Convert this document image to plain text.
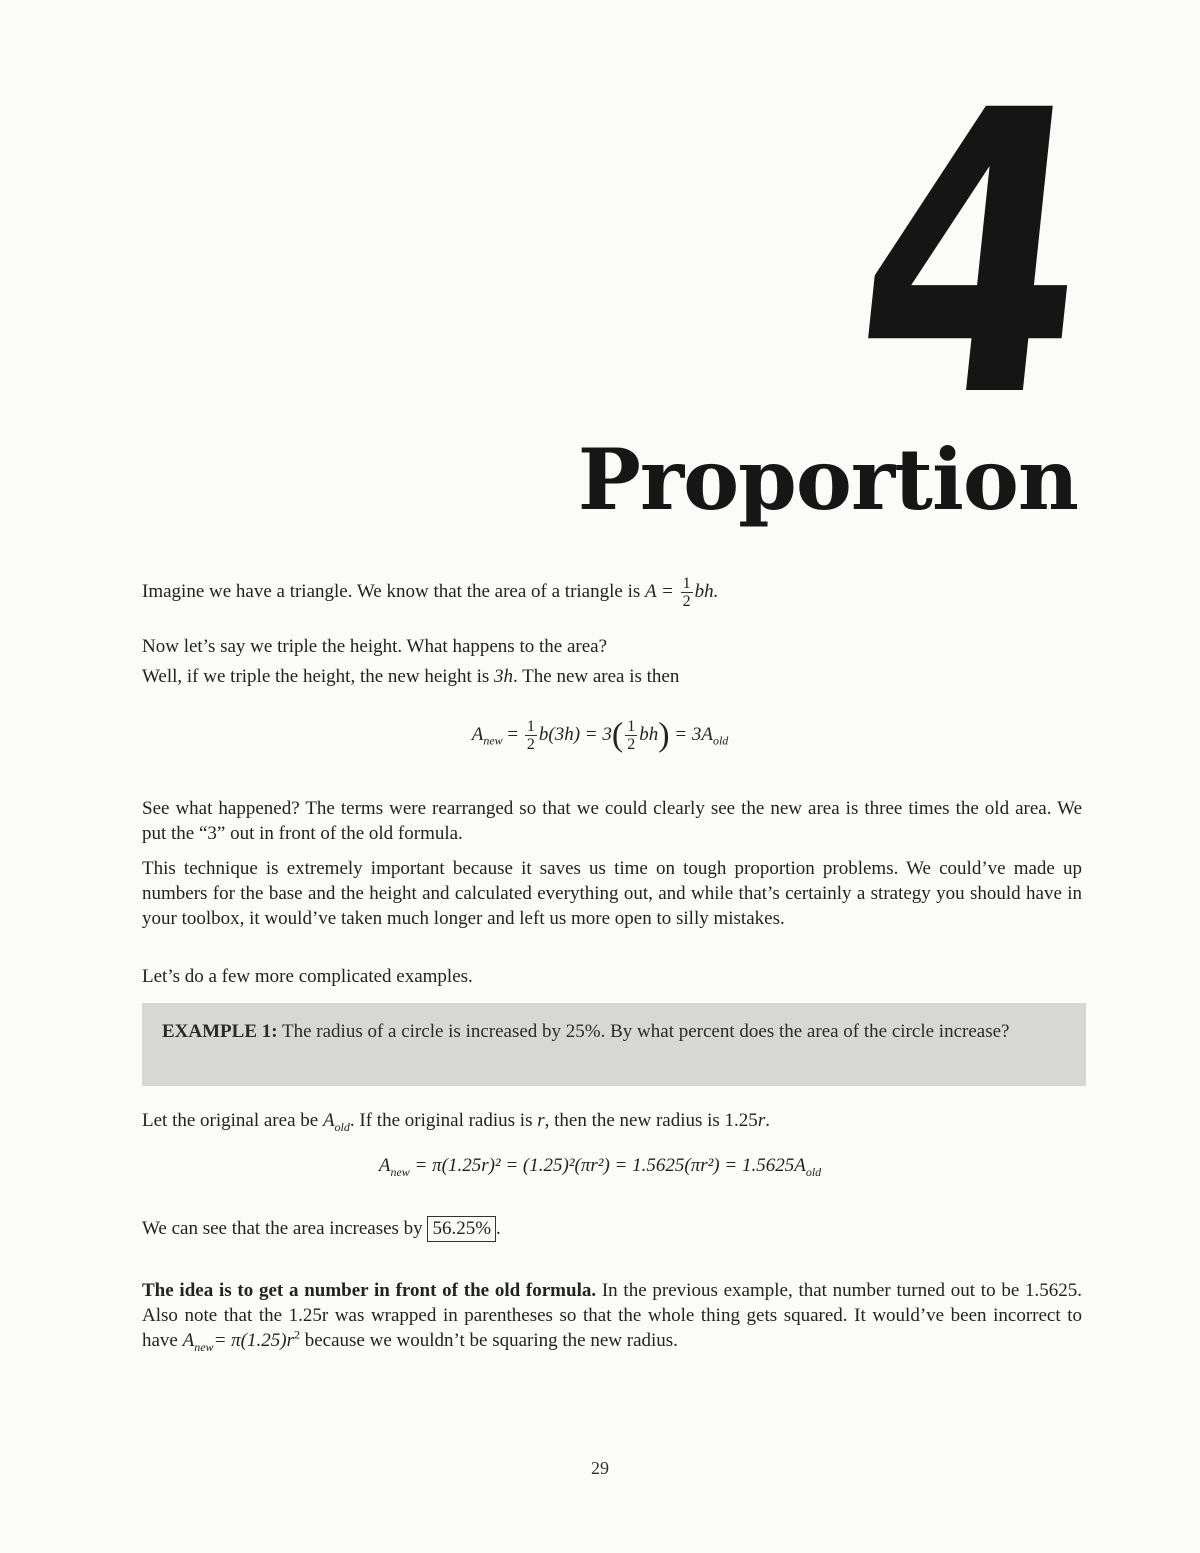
4
Proportion
Imagine we have a triangle. We know that the area of a triangle is $A = \frac{1}{2}$ bh.
Now let’s say we triple the height. What happens to the area?
Well, if we triple the height, the new height is 3h. The new area is then
$A_{new} = \frac{1}{2} b(3h) = 3( \frac{1}{2} bh) = 3A_{old}$
See what happened? The terms were rearranged so that we could clearly see the new area is three times the old area. We put the “3” out in front of the old formula.
This technique is extremely important because it saves us time on tough proportion problems. We could’ve made up numbers for the base and the height and calculated everything out, and while that’s certainly a strategy you should have in your toolbox, it would’ve taken much longer and left us more open to silly mistakes.
Let’s do a few more complicated examples.
EXAMPLE 1: The radius of a circle is increased by 25%. By what percent does the area of the circle increase?
Let the original area be $A_{old}$. If the original radius is r, then the new radius is 1.25r.
$A_{new} = \pi(1.25r)^2 = (1.25)^2(\pi r^2) = 1.5625(\pi r^2) = 1.5625A_{old}$
We can see that the area increases by 56.25% .
The idea is to get a number in front of the old formula. In the previous example, that number turned out to be 1.5625. Also note that the 1.25r was wrapped in parentheses so that the whole thing gets squared. It would’ve been incorrect to have $A_{new}= \pi(1.25)r^2$ because we wouldn’t be squaring the new radius.
29
